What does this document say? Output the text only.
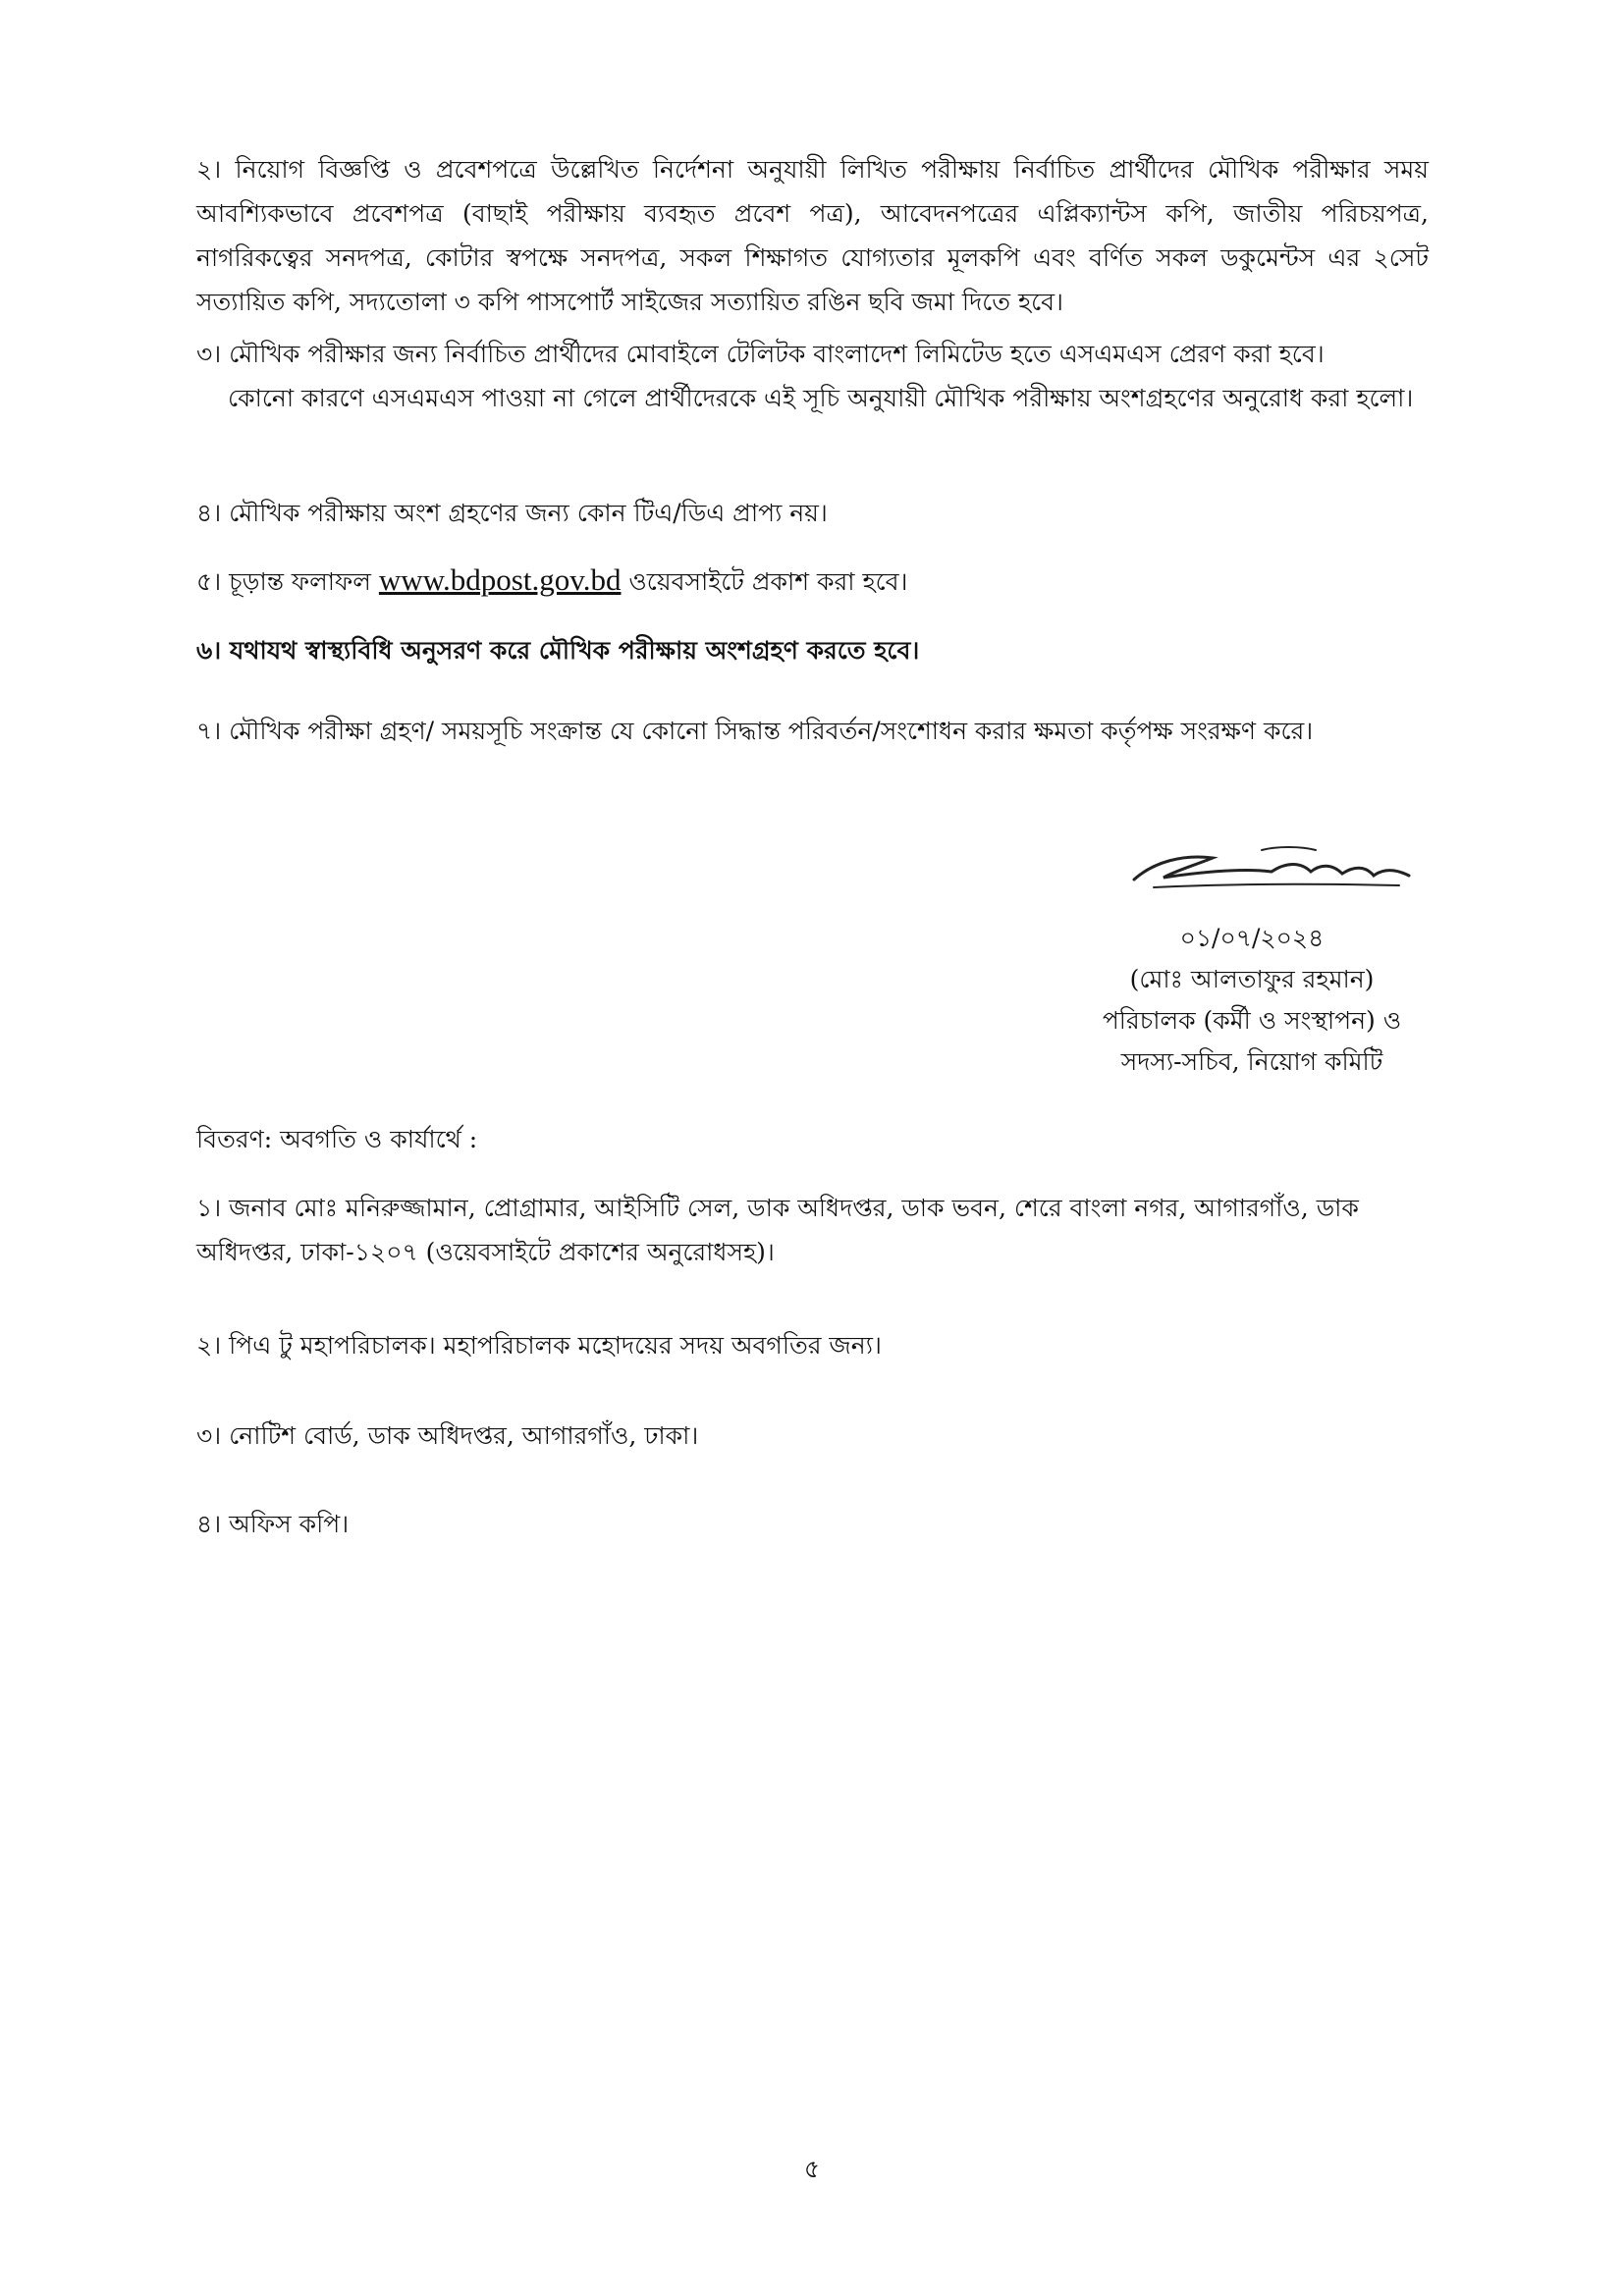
২। নিয়োগ বিজ্ঞপ্তি ও প্রবেশপত্রে উল্লেখিত নির্দেশনা অনুযায়ী লিখিত পরীক্ষায় নির্বাচিত প্রার্থীদের মৌখিক পরীক্ষার সময় আবশ্যিকভাবে প্রবেশপত্র (বাছাই পরীক্ষায় ব্যবহৃত প্রবেশ পত্র), আবেদনপত্রের এপ্লিক্যান্টস কপি, জাতীয় পরিচয়পত্র, নাগরিকত্বের সনদপত্র, কোটার স্বপক্ষে সনদপত্র, সকল শিক্ষাগত যোগ্যতার মূলকপি এবং বর্ণিত সকল ডকুমেন্টস এর ২সেট সত্যায়িত কপি, সদ্যতোলা ৩ কপি পাসপোর্ট সাইজের সত্যায়িত রঙিন ছবি জমা দিতে হবে।

৩। মৌখিক পরীক্ষার জন্য নির্বাচিত প্রার্থীদের মোবাইলে টেলিটক বাংলাদেশ লিমিটেড হতে এসএমএস প্রেরণ করা হবে।
কোনো কারণে এসএমএস পাওয়া না গেলে প্রার্থীদেরকে এই সূচি অনুযায়ী মৌখিক পরীক্ষায় অংশগ্রহণের অনুরোধ করা হলো।

৪। মৌখিক পরীক্ষায় অংশ গ্রহণের জন্য কোন টিএ/ডিএ প্রাপ্য নয়।

৫। চূড়ান্ত ফলাফল www.bdpost.gov.bd ওয়েবসাইটে প্রকাশ করা হবে।

৬। যথাযথ স্বাস্থ্যবিধি অনুসরণ করে মৌখিক পরীক্ষায় অংশগ্রহণ করতে হবে।

৭। মৌখিক পরীক্ষা গ্রহণ/ সময়সূচি সংক্রান্ত যে কোনো সিদ্ধান্ত পরিবর্তন/সংশোধন করার ক্ষমতা কর্তৃপক্ষ সংরক্ষণ করে।

০১/০৭/২০২৪
(মোঃ আলতাফুর রহমান)
পরিচালক (কর্মী ও সংস্থাপন) ও
সদস্য-সচিব, নিয়োগ কমিটি

বিতরণ: অবগতি ও কার্যার্থে :

১। জনাব মোঃ মনিরুজ্জামান, প্রোগ্রামার, আইসিটি সেল, ডাক অধিদপ্তর, ডাক ভবন, শেরে বাংলা নগর, আগারগাঁও, ডাক অধিদপ্তর, ঢাকা-১২০৭ (ওয়েবসাইটে প্রকাশের অনুরোধসহ)।

২। পিএ টু মহাপরিচালক। মহাপরিচালক মহোদয়ের সদয় অবগতির জন্য।

৩। নোটিশ বোর্ড, ডাক অধিদপ্তর, আগারগাঁও, ঢাকা।

৪। অফিস কপি।

৫
